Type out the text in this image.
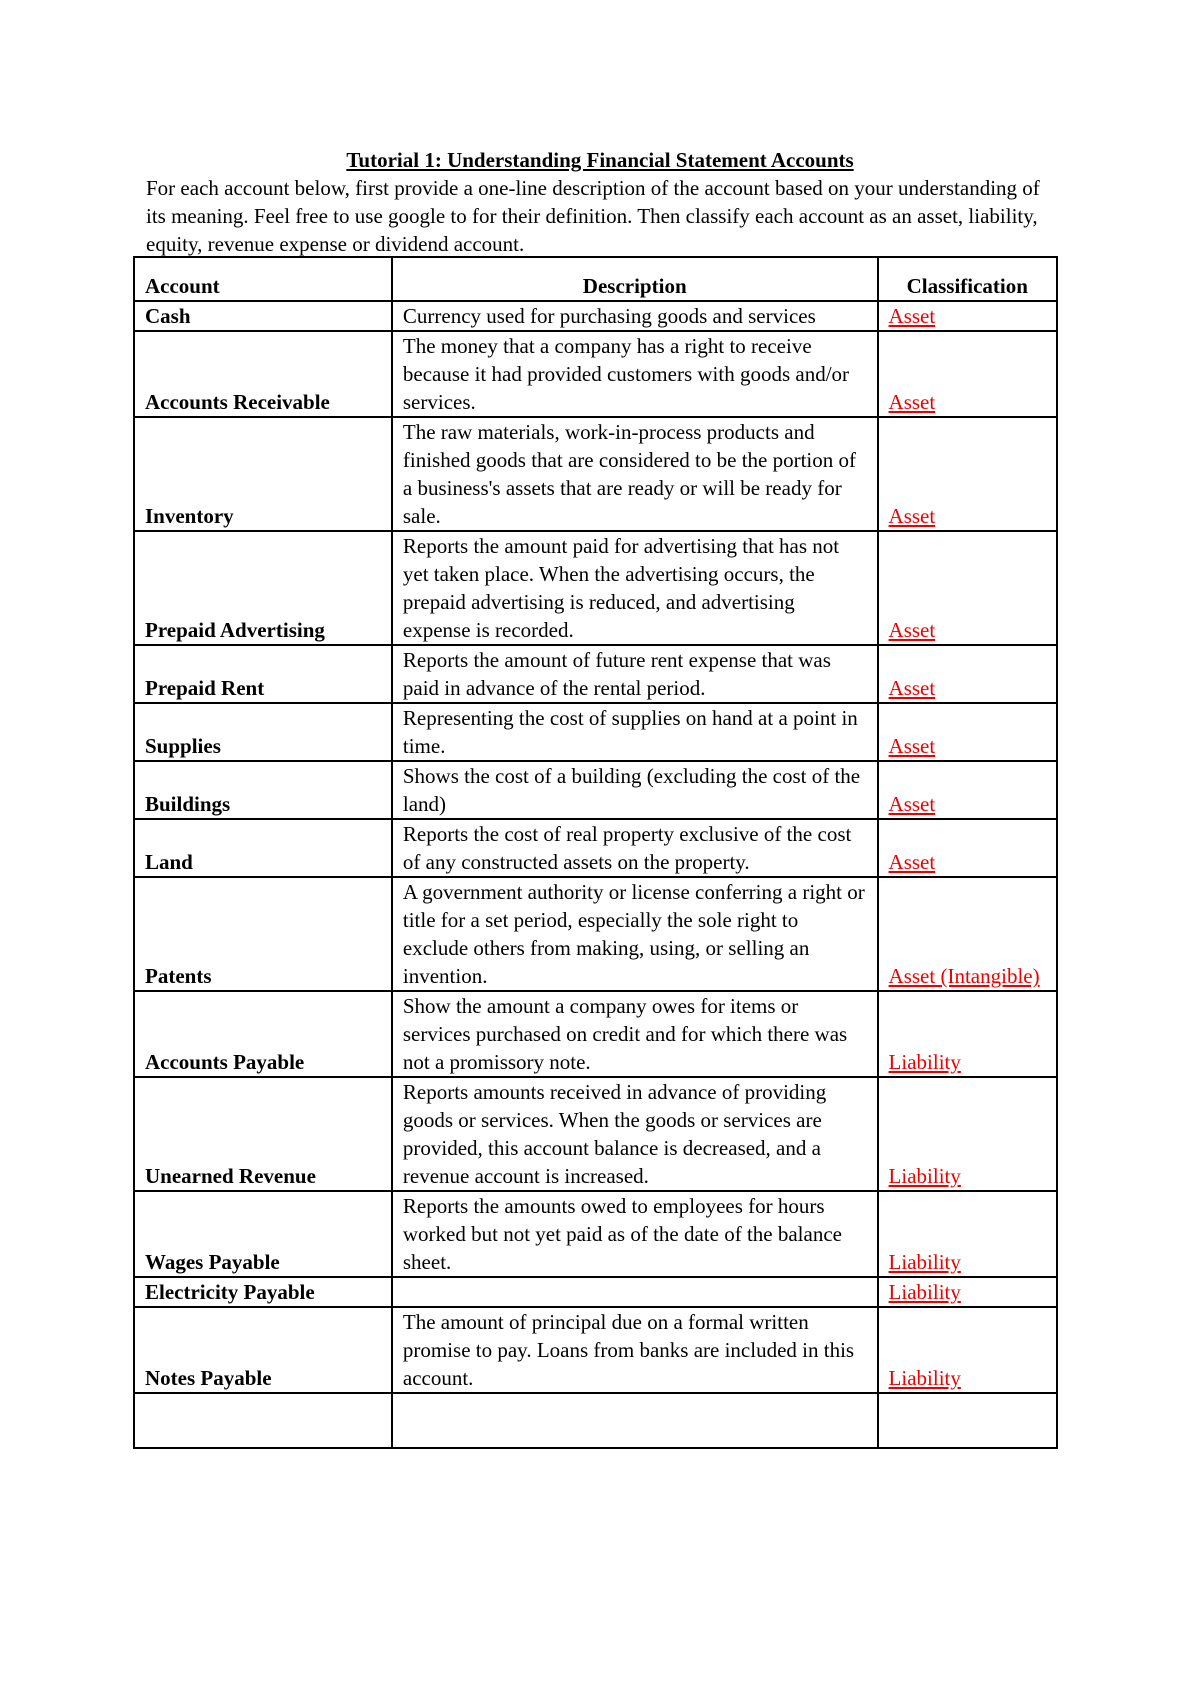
Tutorial 1: Understanding Financial Statement Accounts
For each account below, first provide a one-line description of the account based on your understanding of its meaning. Feel free to use google to for their definition. Then classify each account as an asset, liability, equity, revenue expense or dividend account.
Account	Description	Classification
Cash	Currency used for purchasing goods and services	Asset
Accounts Receivable	The money that a company has a right to receive because it had provided customers with goods and/or services.	Asset
Inventory	The raw materials, work-in-process products and finished goods that are considered to be the portion of a business's assets that are ready or will be ready for sale.	Asset
Prepaid Advertising	Reports the amount paid for advertising that has not yet taken place. When the advertising occurs, the prepaid advertising is reduced, and advertising expense is recorded.	Asset
Prepaid Rent	Reports the amount of future rent expense that was paid in advance of the rental period.	Asset
Supplies	Representing the cost of supplies on hand at a point in time.	Asset
Buildings	Shows the cost of a building (excluding the cost of the land)	Asset
Land	Reports the cost of real property exclusive of the cost of any constructed assets on the property.	Asset
Patents	A government authority or license conferring a right or title for a set period, especially the sole right to exclude others from making, using, or selling an invention.	Asset (Intangible)
Accounts Payable	Show the amount a company owes for items or services purchased on credit and for which there was not a promissory note.	Liability
Unearned Revenue	Reports amounts received in advance of providing goods or services. When the goods or services are provided, this account balance is decreased, and a revenue account is increased.	Liability
Wages Payable	Reports the amounts owed to employees for hours worked but not yet paid as of the date of the balance sheet.	Liability
Electricity Payable		Liability
Notes Payable	The amount of principal due on a formal written promise to pay. Loans from banks are included in this account.	Liability
